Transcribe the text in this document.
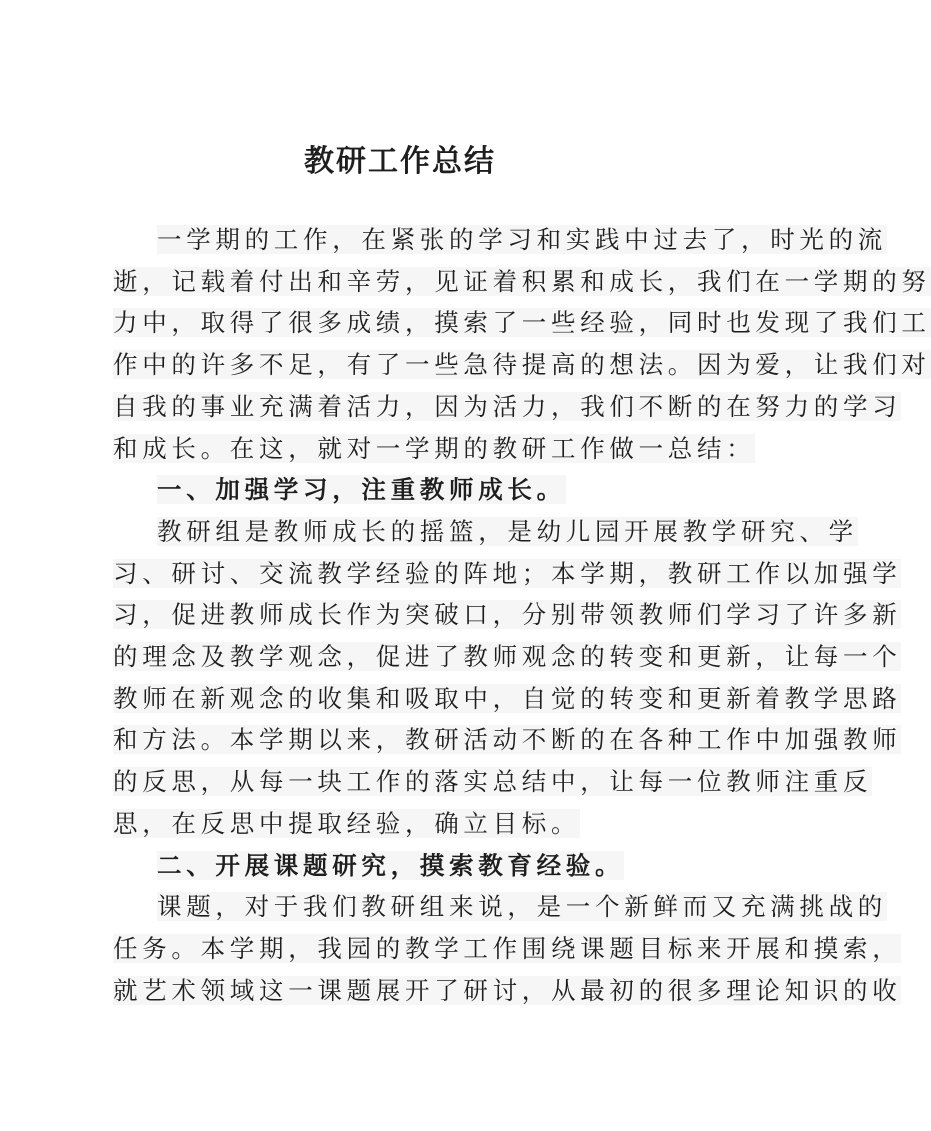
教研工作总结
一学期的工作，在紧张的学习和实践中过去了，时光的流
逝，记载着付出和辛劳，见证着积累和成长，我们在一学期的努
力中，取得了很多成绩，摸索了一些经验，同时也发现了我们工
作中的许多不足，有了一些急待提高的想法。因为爱，让我们对
自我的事业充满着活力，因为活力，我们不断的在努力的学习
和成长。在这，就对一学期的教研工作做一总结：
一、加强学习，注重教师成长。
教研组是教师成长的摇篮，是幼儿园开展教学研究、学
习、研讨、交流教学经验的阵地；本学期，教研工作以加强学
习，促进教师成长作为突破口，分别带领教师们学习了许多新
的理念及教学观念，促进了教师观念的转变和更新，让每一个
教师在新观念的收集和吸取中，自觉的转变和更新着教学思路
和方法。本学期以来，教研活动不断的在各种工作中加强教师
的反思，从每一块工作的落实总结中，让每一位教师注重反
思，在反思中提取经验，确立目标。
二、开展课题研究，摸索教育经验。
课题，对于我们教研组来说，是一个新鲜而又充满挑战的
任务。本学期，我园的教学工作围绕课题目标来开展和摸索，
就艺术领域这一课题展开了研讨，从最初的很多理论知识的收
